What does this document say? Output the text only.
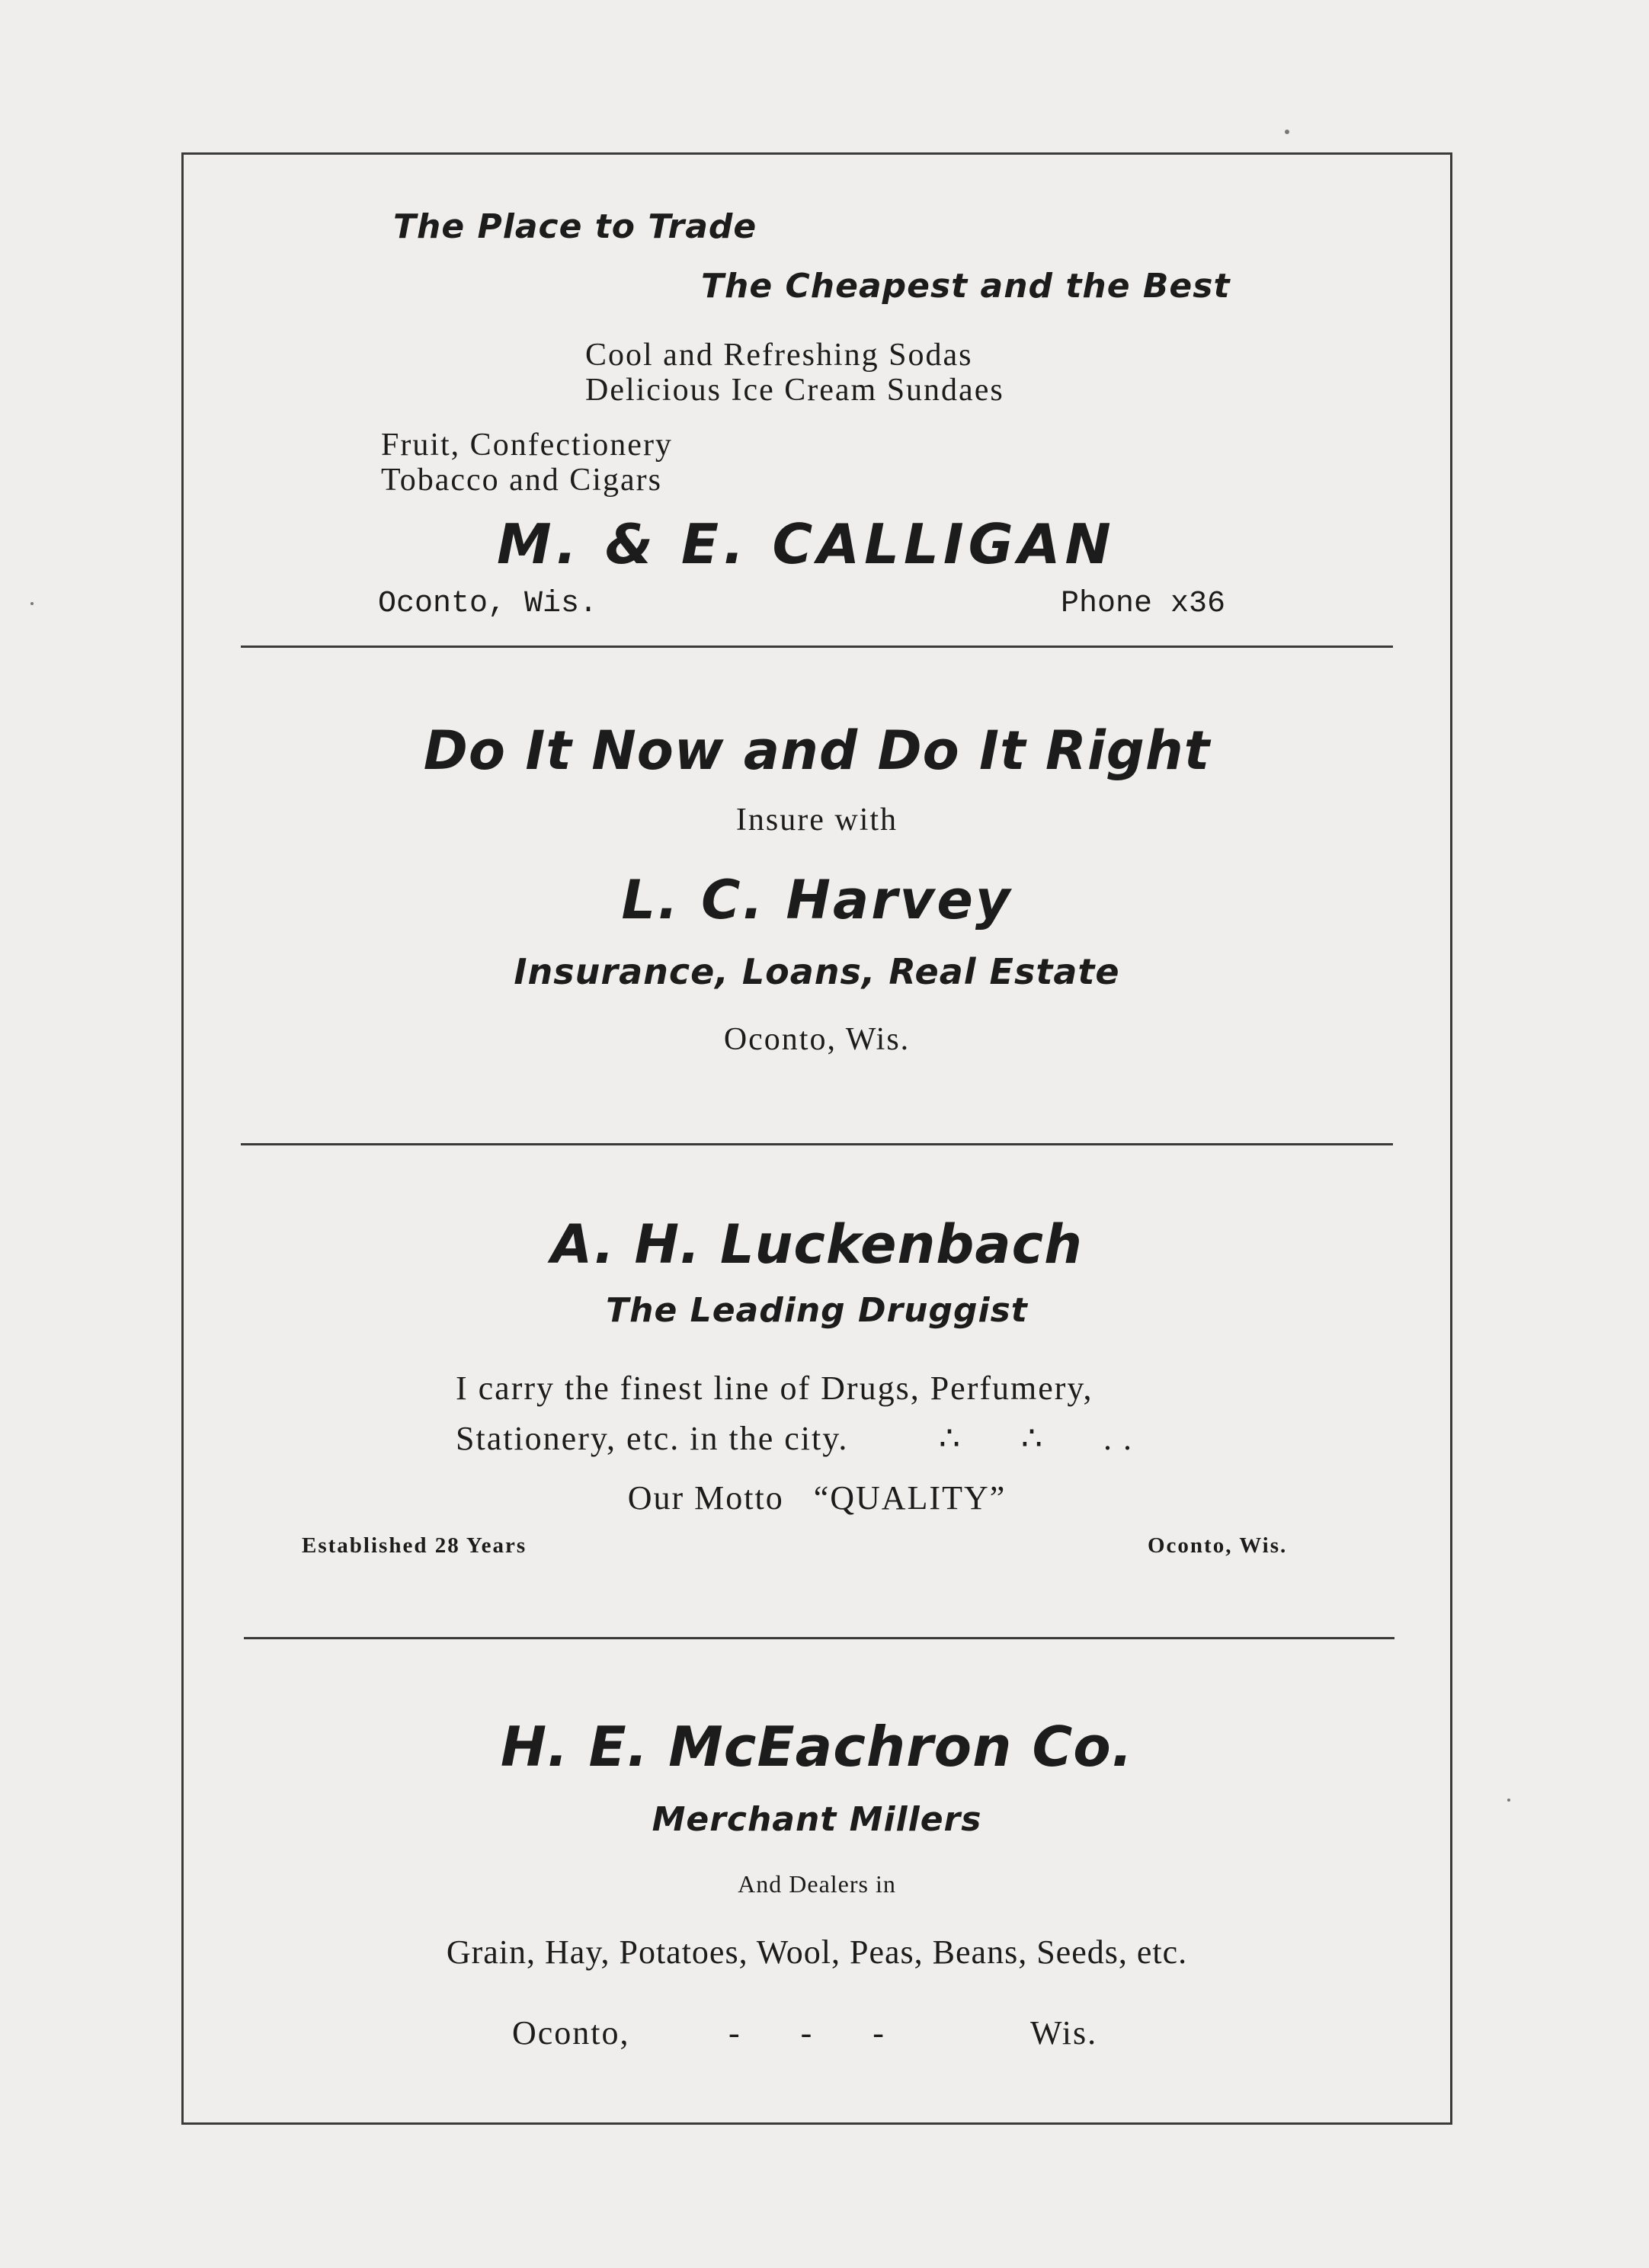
The Place to Trade
The Cheapest and the Best
Cool and Refreshing Sodas
Delicious Ice Cream Sundaes
Fruit, Confectionery
Tobacco and Cigars
M. & E. CALLIGAN
Oconto, Wis.	Phone x36
Do It Now and Do It Right
Insure with
L. C. Harvey
Insurance, Loans, Real Estate
Oconto, Wis.
A. H. Luckenbach
The Leading Druggist
I carry the finest line of Drugs, Perfumery,
Stationery, etc. in the city.	∴      ∴      . .
Our Motto   “QUALITY”
Established 28 Years	Oconto, Wis.
H. E. McEachron Co.
Merchant Millers
And Dealers in
Grain, Hay, Potatoes, Wool, Peas, Beans, Seeds, etc.
Oconto,	-      -      -	Wis.
